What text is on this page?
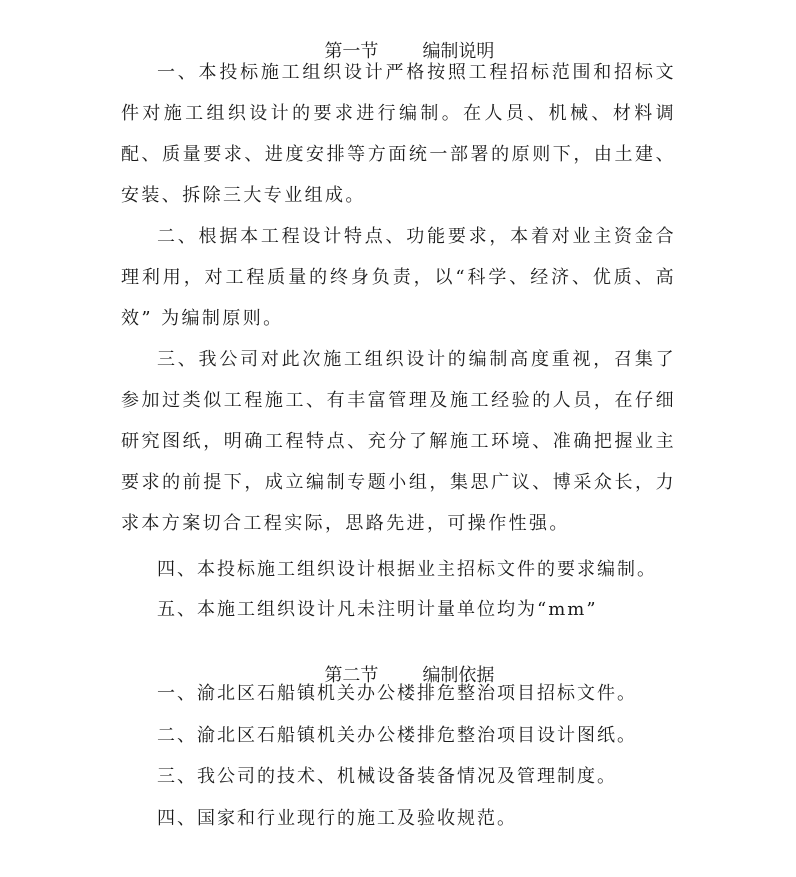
第一节 编制说明

一、本投标施工组织设计严格按照工程招标范围和招标文件对施工组织设计的要求进行编制。在人员、机械、材料调配、质量要求、进度安排等方面统一部署的原则下，由土建、安装、拆除三大专业组成。
二、根据本工程设计特点、功能要求，本着对业主资金合理利用，对工程质量的终身负责，以“科学、经济、优质、高效” 为编制原则。
三、我公司对此次施工组织设计的编制高度重视，召集了参加过类似工程施工、有丰富管理及施工经验的人员，在仔细研究图纸，明确工程特点、充分了解施工环境、准确把握业主要求的前提下，成立编制专题小组，集思广议、博采众长，力求本方案切合工程实际，思路先进，可操作性强。
四、本投标施工组织设计根据业主招标文件的要求编制。
五、本施工组织设计凡未注明计量单位均为“mm”

第二节 编制依据

一、渝北区石船镇机关办公楼排危整治项目招标文件。
二、渝北区石船镇机关办公楼排危整治项目设计图纸。
三、我公司的技术、机械设备装备情况及管理制度。
四、国家和行业现行的施工及验收规范。
